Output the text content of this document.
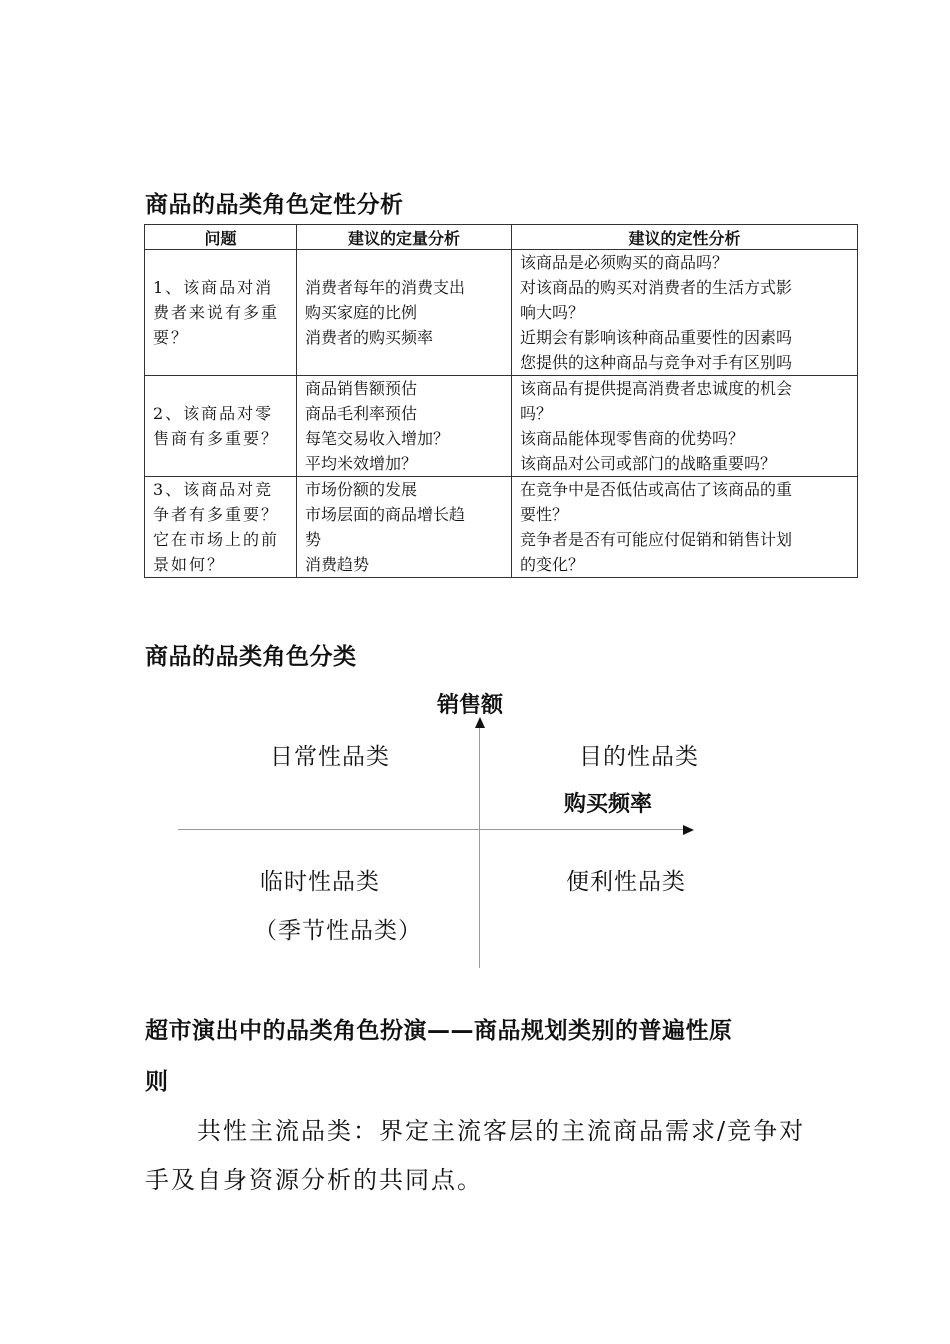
商品的品类角色定性分析
问题	建议的定量分析	建议的定性分析

1、该商品对消
费者来说有多重
要？	消费者每年的消费支出
购买家庭的比例
消费者的购买频率	该商品是必须购买的商品吗？
对该商品的购买对消费者的生活方式影
响大吗？
近期会有影响该种商品重要性的因素吗
您提供的这种商品与竞争对手有区别吗

2、该商品对零
售商有多重要？	商品销售额预估
商品毛利率预估
每笔交易收入增加？
平均米效增加？	该商品有提供提高消费者忠诚度的机会
吗？
该商品能体现零售商的优势吗？
该商品对公司或部门的战略重要吗？

3、该商品对竞
争者有多重要？
它在市场上的前
景如何？	市场份额的发展
市场层面的商品增长趋
势
消费趋势	在竞争中是否低估或高估了该商品的重
要性？
竞争者是否有可能应付促销和销售计划
的变化？
商品的品类角色分类
销售额
日常性品类	目的性品类
购买频率
临时性品类	便利性品类
（季节性品类）
超市演出中的品类角色扮演——商品规划类别的普遍性原
则
　　共性主流品类：界定主流客层的主流商品需求/竞争对
手及自身资源分析的共同点。
